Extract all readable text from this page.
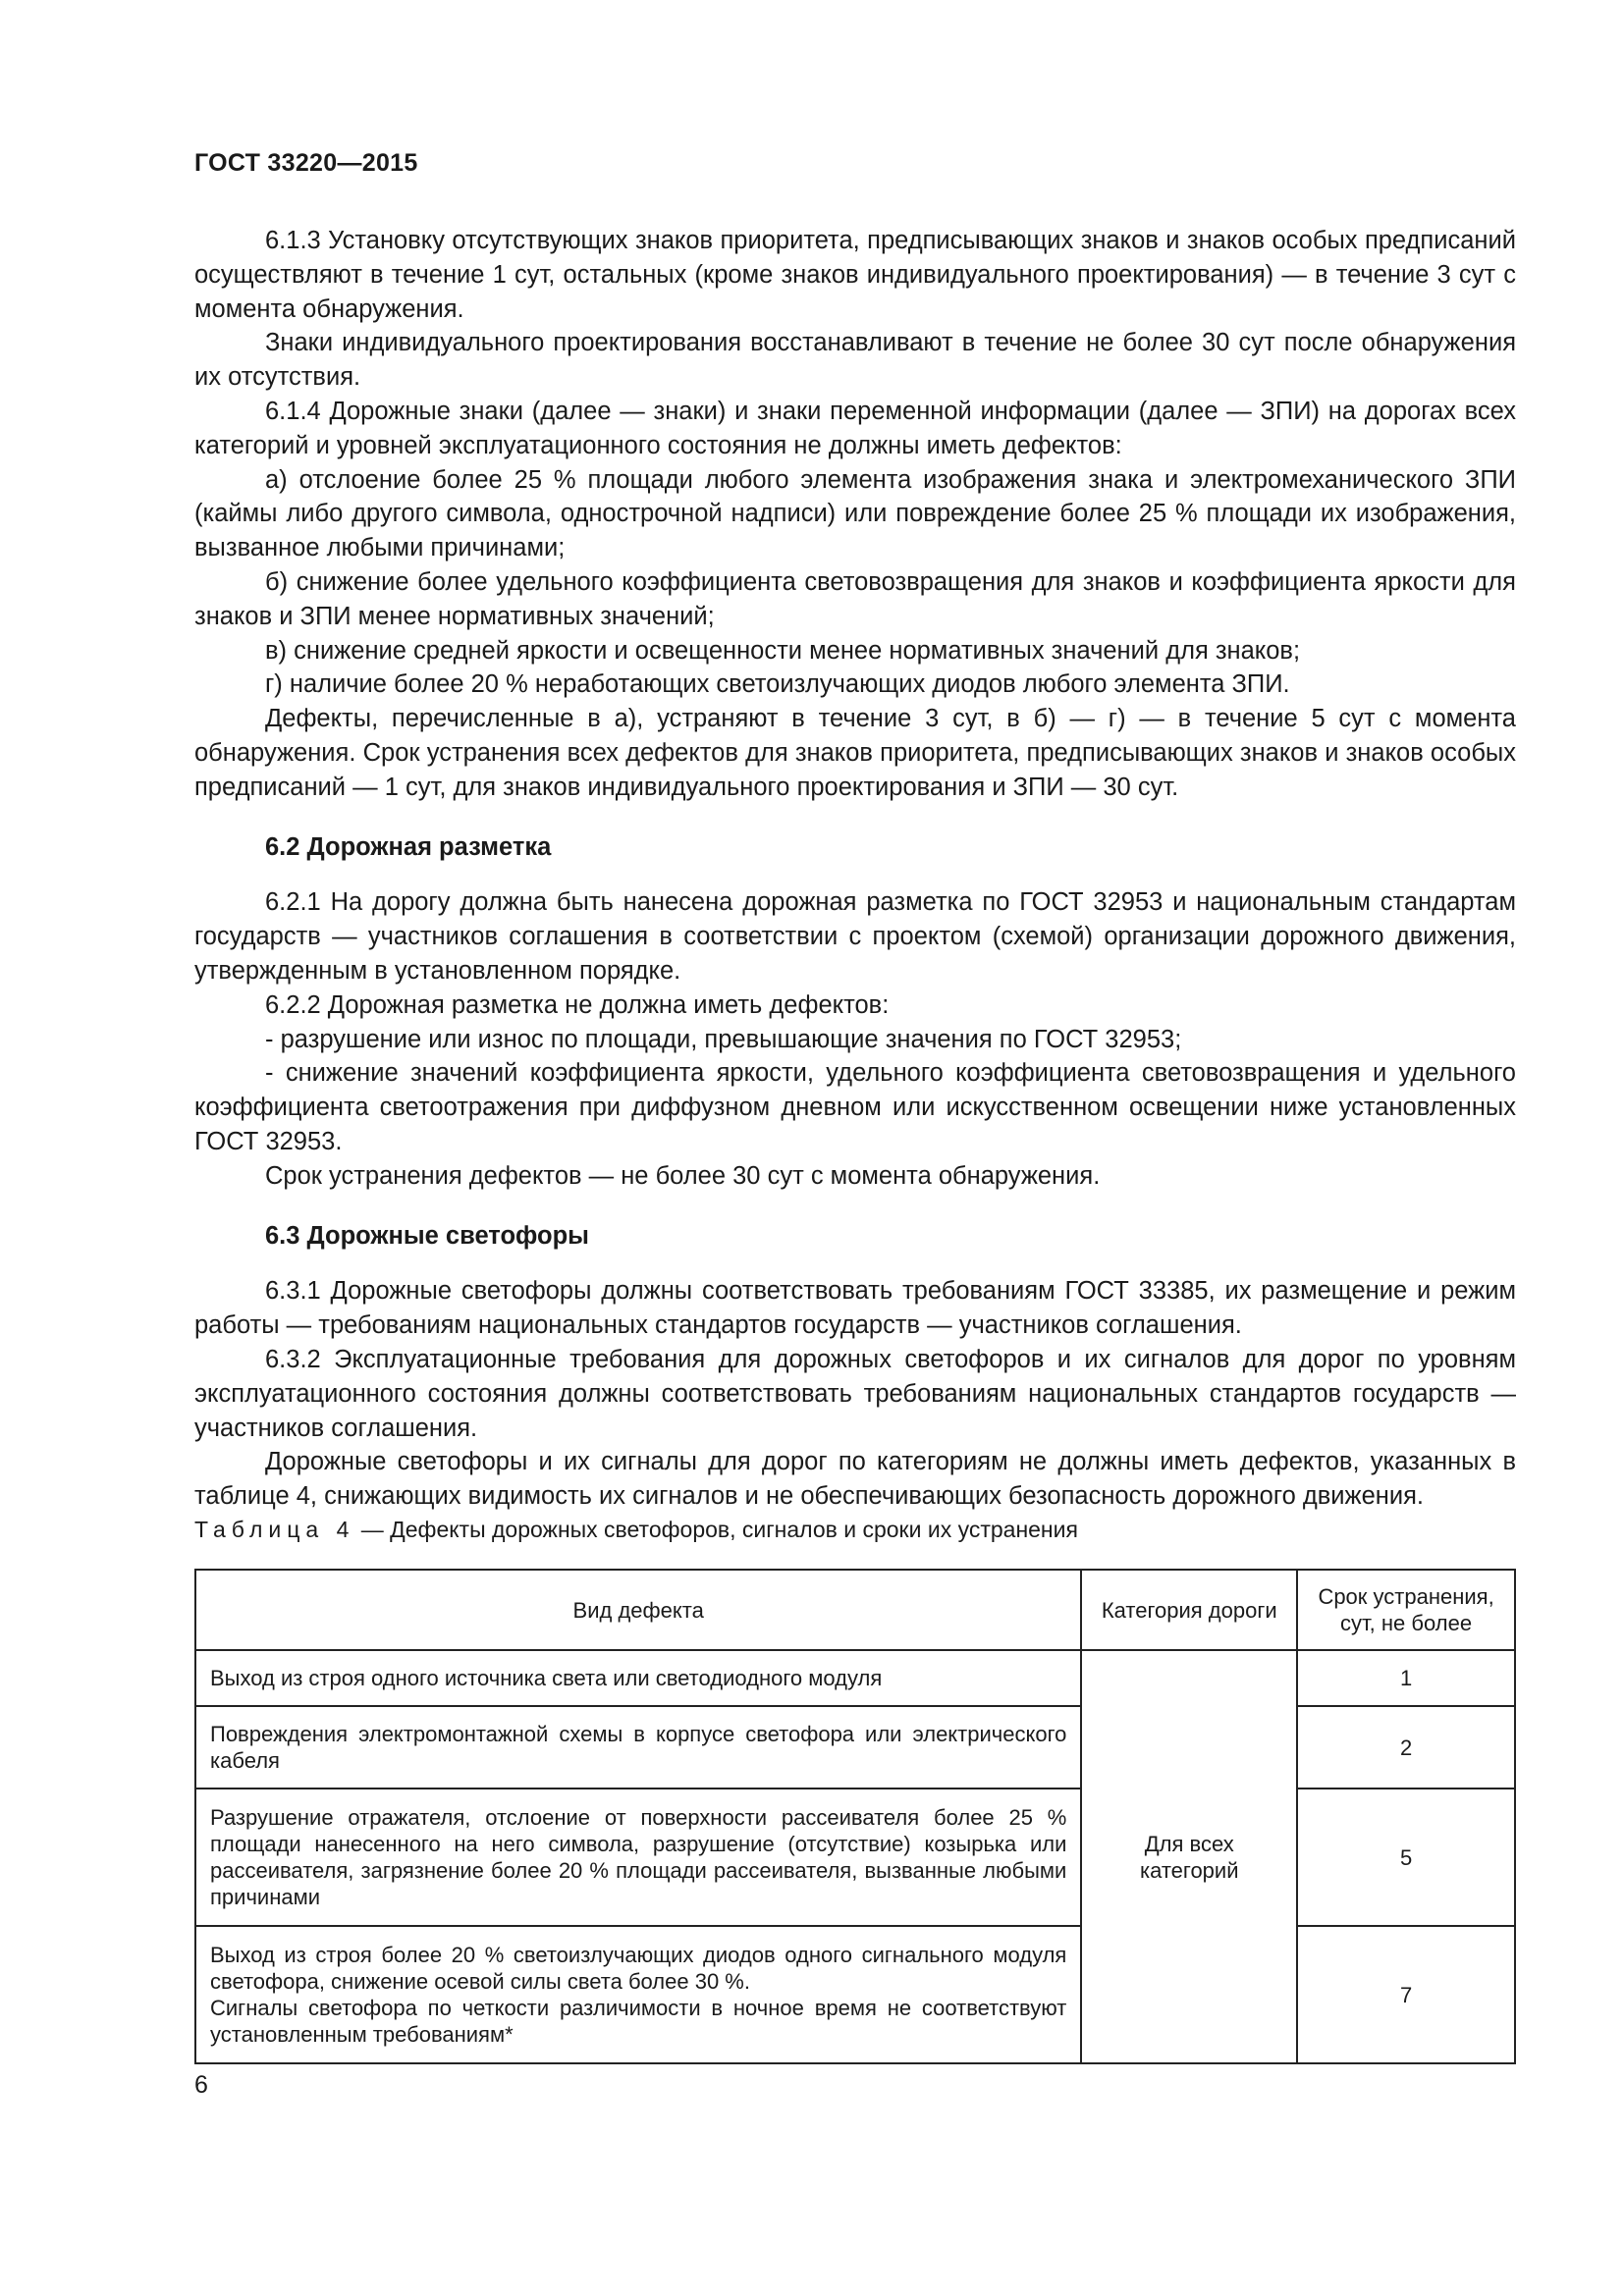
ГОСТ 33220—2015

6.1.3 Установку отсутствующих знаков приоритета, предписывающих знаков и знаков особых предписаний осуществляют в течение 1 сут, остальных (кроме знаков индивидуального проектирования) — в течение 3 сут с момента обнаружения.

Знаки индивидуального проектирования восстанавливают в течение не более 30 сут после обнаружения их отсутствия.

6.1.4 Дорожные знаки (далее — знаки) и знаки переменной информации (далее — ЗПИ) на дорогах всех категорий и уровней эксплуатационного состояния не должны иметь дефектов:

а) отслоение более 25 % площади любого элемента изображения знака и электромеханического ЗПИ (каймы либо другого символа, однострочной надписи) или повреждение более 25 % площади их изображения, вызванное любыми причинами;

б) снижение более удельного коэффициента световозвращения для знаков и коэффициента яркости для знаков и ЗПИ менее нормативных значений;

в) снижение средней яркости и освещенности менее нормативных значений для знаков;

г) наличие более 20 % неработающих светоизлучающих диодов любого элемента ЗПИ.

Дефекты, перечисленные в а), устраняют в течение 3 сут, в б) — г) — в течение 5 сут с момента обнаружения. Срок устранения всех дефектов для знаков приоритета, предписывающих знаков и знаков особых предписаний — 1 сут, для знаков индивидуального проектирования и ЗПИ — 30 сут.

6.2 Дорожная разметка

6.2.1 На дорогу должна быть нанесена дорожная разметка по ГОСТ 32953 и национальным стандартам государств — участников соглашения в соответствии с проектом (схемой) организации дорожного движения, утвержденным в установленном порядке.

6.2.2 Дорожная разметка не должна иметь дефектов:

- разрушение или износ по площади, превышающие значения по ГОСТ 32953;

- снижение значений коэффициента яркости, удельного коэффициента световозвращения и удельного коэффициента светоотражения при диффузном дневном или искусственном освещении ниже установленных ГОСТ 32953.

Срок устранения дефектов — не более 30 сут с момента обнаружения.

6.3 Дорожные светофоры

6.3.1 Дорожные светофоры должны соответствовать требованиям ГОСТ 33385, их размещение и режим работы — требованиям национальных стандартов государств — участников соглашения.

6.3.2 Эксплуатационные требования для дорожных светофоров и их сигналов для дорог по уровням эксплуатационного состояния должны соответствовать требованиям национальных стандартов государств — участников соглашения.

Дорожные светофоры и их сигналы для дорог по категориям не должны иметь дефектов, указанных в таблице 4, снижающих видимость их сигналов и не обеспечивающих безопасность дорожного движения.

Таблица 4 — Дефекты дорожных светофоров, сигналов и сроки их устранения
Вид дефекта	Категория дороги	Срок устранения, сут, не более
Выход из строя одного источника света или светодиодного модуля	Для всех категорий	1
Повреждения электромонтажной схемы в корпусе светофора или электрического кабеля		2
Разрушение отражателя, отслоение от поверхности рассеивателя более 25 % площади нанесенного на него символа, разрушение (отсутствие) козырька или рассеивателя, загрязнение более 20 % площади рассеивателя, вызванные любыми причинами		5
Выход из строя более 20 % светоизлучающих диодов одного сигнального модуля светофора, снижение осевой силы света более 30 %.
Сигналы светофора по четкости различимости в ночное время не соответствуют установленным требованиям*		7
6
